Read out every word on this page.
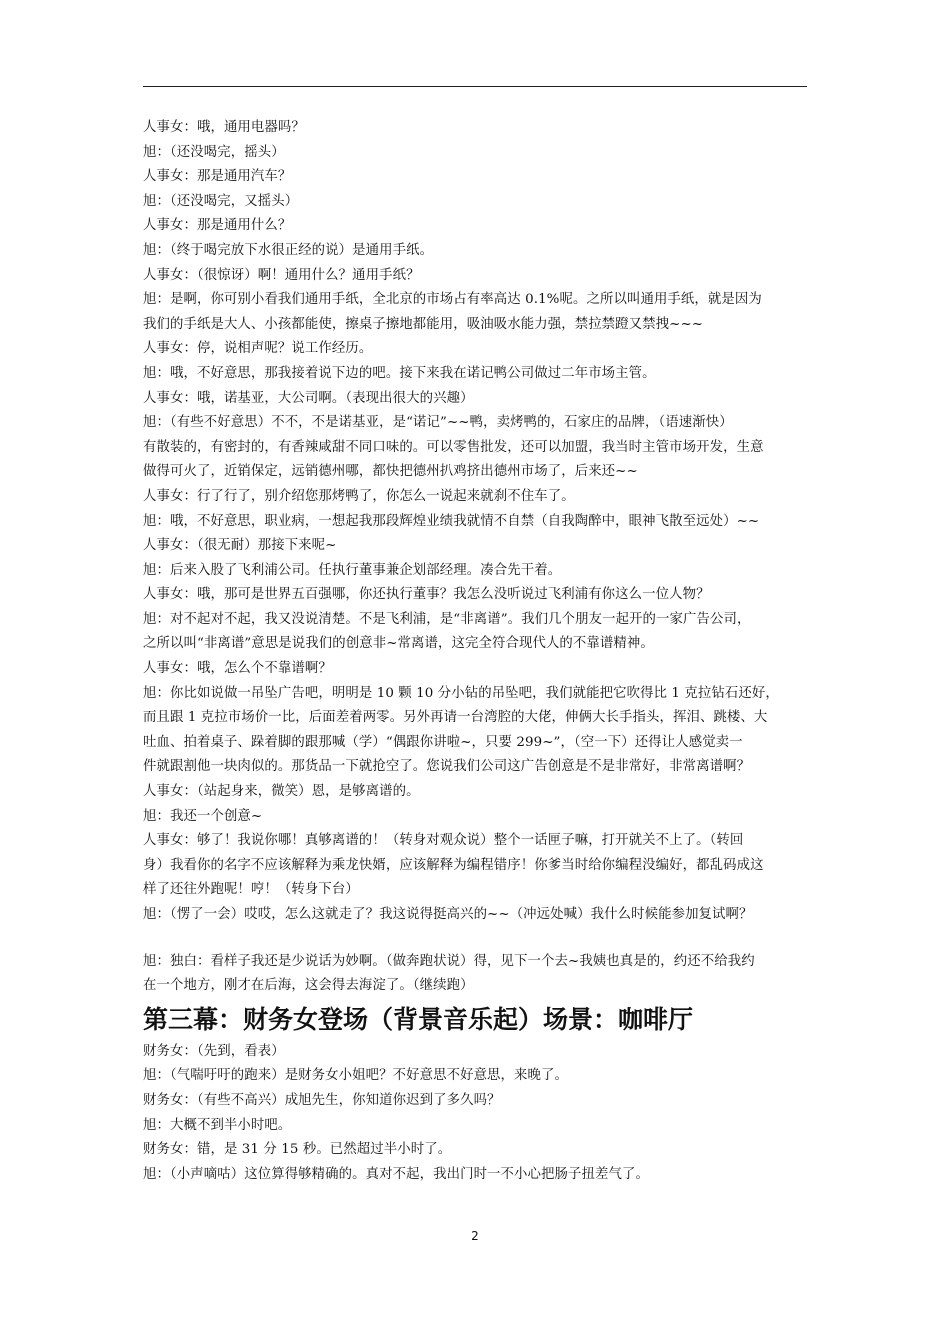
人事女：哦，通用电器吗？
旭：（还没喝完，摇头）
人事女：那是通用汽车？
旭：（还没喝完，又摇头）
人事女：那是通用什么？
旭：（终于喝完放下水很正经的说）是通用手纸。
人事女：（很惊讶）啊！通用什么？通用手纸？
旭：是啊，你可别小看我们通用手纸，全北京的市场占有率高达 0.1%呢。之所以叫通用手纸，就是因为
我们的手纸是大人、小孩都能使，擦桌子擦地都能用，吸油吸水能力强，禁拉禁蹬又禁拽~~~
人事女：停，说相声呢？说工作经历。
旭：哦，不好意思，那我接着说下边的吧。接下来我在诺记鸭公司做过二年市场主管。
人事女：哦，诺基亚，大公司啊。（表现出很大的兴趣）
旭：（有些不好意思）不不，不是诺基亚，是“诺记”~~鸭，卖烤鸭的，石家庄的品牌，（语速渐快）
有散装的，有密封的，有香辣咸甜不同口味的。可以零售批发，还可以加盟，我当时主管市场开发，生意
做得可火了，近销保定，远销德州哪，都快把德州扒鸡挤出德州市场了，后来还~~
人事女：行了行了，别介绍您那烤鸭了，你怎么一说起来就刹不住车了。
旭：哦，不好意思，职业病，一想起我那段辉煌业绩我就情不自禁（自我陶醉中，眼神飞散至远处）~~
人事女：（很无耐）那接下来呢~
旭：后来入股了飞利浦公司。任执行董事兼企划部经理。凑合先干着。
人事女：哦，那可是世界五百强哪，你还执行董事？我怎么没听说过飞利浦有你这么一位人物？
旭：对不起对不起，我又没说清楚。不是飞利浦，是“非离谱”。我们几个朋友一起开的一家广告公司，
之所以叫“非离谱”意思是说我们的创意非~常离谱，这完全符合现代人的不靠谱精神。
人事女：哦，怎么个不靠谱啊？
旭：你比如说做一吊坠广告吧，明明是 10 颗 10 分小钻的吊坠吧，我们就能把它吹得比 1 克拉钻石还好，
而且跟 1 克拉市场价一比，后面差着两零。另外再请一台湾腔的大佬，伸俩大长手指头，挥泪、跳楼、大
吐血、拍着桌子、跺着脚的跟那喊（学）“偶跟你讲啦~，只要 299~”，（空一下）还得让人感觉卖一
件就跟割他一块肉似的。那货品一下就抢空了。您说我们公司这广告创意是不是非常好，非常离谱啊？
人事女：（站起身来，微笑）恩，是够离谱的。
旭：我还一个创意~
人事女：够了！我说你哪！真够离谱的！（转身对观众说）整个一话匣子嘛，打开就关不上了。（转回
身）我看你的名字不应该解释为乘龙快婿，应该解释为编程错序！你爹当时给你编程没编好，都乱码成这
样了还往外跑呢！哼！（转身下台）
旭：（愣了一会）哎哎，怎么这就走了？我这说得挺高兴的~~（冲远处喊）我什么时候能参加复试啊？
旭：独白：看样子我还是少说话为妙啊。（做奔跑状说）得，见下一个去~我姨也真是的，约还不给我约
在一个地方，刚才在后海，这会得去海淀了。（继续跑）
第三幕：财务女登场（背景音乐起）场景：咖啡厅
财务女：（先到，看表）
旭：（气喘吁吁的跑来）是财务女小姐吧？不好意思不好意思，来晚了。
财务女：（有些不高兴）成旭先生，你知道你迟到了多久吗？
旭：大概不到半小时吧。
财务女：错，是 31 分 15 秒。已然超过半小时了。
旭：（小声嘀咕）这位算得够精确的。真对不起，我出门时一不小心把肠子扭差气了。
2
